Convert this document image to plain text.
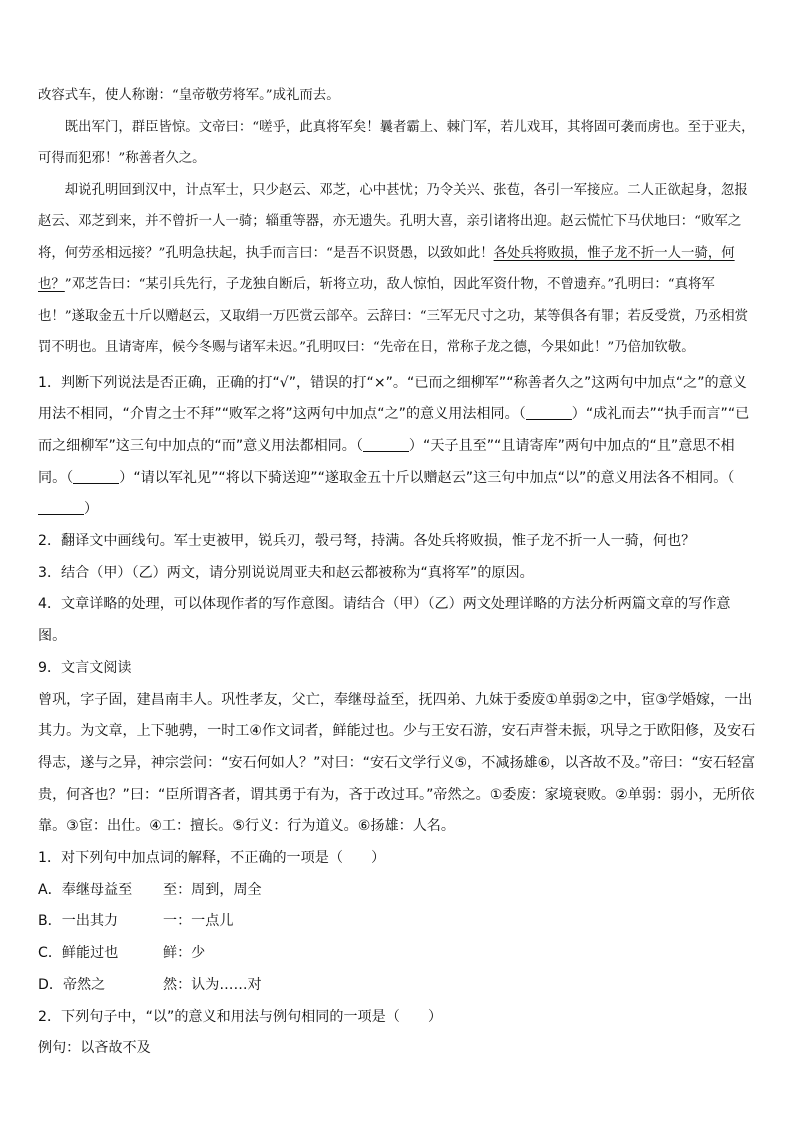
改容式车，使人称谢：“皇帝敬劳将军。”成礼而去。

既出军门，群臣皆惊。文帝曰：“嗟乎，此真将军矣！曩者霸上、棘门军，若儿戏耳，其将固可袭而虏也。至于亚夫，可得而犯邪！”称善者久之。

却说孔明回到汉中，计点军士，只少赵云、邓芝，心中甚忧；乃令关兴、张苞，各引一军接应。二人正欲起身，忽报赵云、邓芝到来，并不曾折一人一骑；辎重等器，亦无遗失。孔明大喜，亲引诸将出迎。赵云慌忙下马伏地曰：“败军之将，何劳丞相远接？”孔明急扶起，执手而言曰：“是吾不识贤愚，以致如此！各处兵将败损，惟子龙不折一人一骑，何也？”邓芝告曰：“某引兵先行，子龙独自断后，斩将立功，敌人惊怕，因此军资什物，不曾遗弃。”孔明曰：“真将军也！”遂取金五十斤以赠赵云，又取绢一万匹赏云部卒。云辞曰：“三军无尺寸之功，某等俱各有罪；若反受赏，乃丞相赏罚不明也。且请寄库，候今冬赐与诸军未迟。”孔明叹曰：“先帝在日，常称子龙之德，今果如此！”乃倍加钦敬。

1．判断下列说法是否正确，正确的打“√”，错误的打“×”。“已而之细柳军”“称善者久之”这两句中加点“之”的意义用法不相同，“介胄之士不拜”“败军之将”这两句中加点“之”的意义用法相同。（	）“成礼而去”“执手而言”“已而之细柳军”这三句中加点的“而”意义用法都相同。（	）“天子且至”“且请寄库”两句中加点的“且”意思不相同。（	）“请以军礼见”“将以下骑送迎”“遂取金五十斤以赠赵云”这三句中加点“以”的意义用法各不相同。（）

2．翻译文中画线句。军士吏被甲，锐兵刃，彀弓弩，持满。各处兵将败损，惟子龙不折一人一骑，何也？

3．结合（甲）（乙）两文，请分别说说周亚夫和赵云都被称为“真将军”的原因。

4．文章详略的处理，可以体现作者的写作意图。请结合（甲）（乙）两文处理详略的方法分析两篇文章的写作意图。

9．文言文阅读

曾巩，字子固，建昌南丰人。巩性孝友，父亡，奉继母益至，抚四弟、九妹于委废①单弱②之中，宦③学婚嫁，一出其力。为文章，上下驰骋，一时工④作文词者，鲜能过也。少与王安石游，安石声誉未振，巩导之于欧阳修，及安石得志，遂与之异，神宗尝问：“安石何如人？”对曰：“安石文学行义⑤，不减扬雄⑥，以吝故不及。”帝曰：“安石轻富贵，何吝也？”曰：“臣所谓吝者，谓其勇于有为，吝于改过耳。”帝然之。①委废：家境衰败。②单弱：弱小，无所依靠。③宦：出仕。④工：擅长。⑤行义：行为道义。⑥扬雄：人名。

1．对下列句中加点词的解释，不正确的一项是（　　）

A．奉继母益至	至：周到，周全
B．一出其力	一：一点儿
C．鲜能过也	鲜：少
D．帝然之	然：认为……对

2．下列句子中，“以”的意义和用法与例句相同的一项是（　　）

例句：以吝故不及
